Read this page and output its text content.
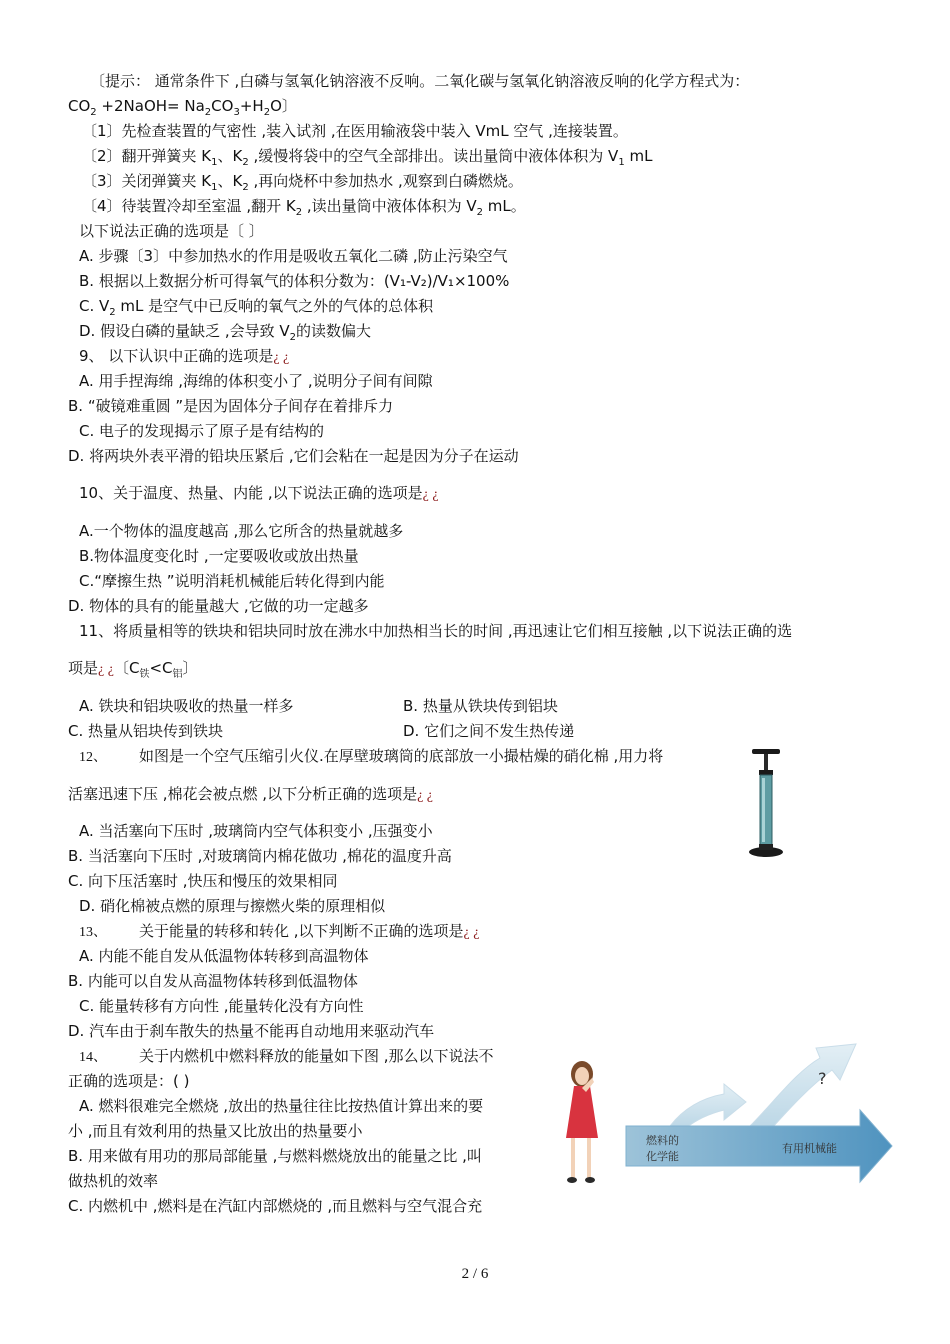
〔提示： 通常条件下 ,白磷与氢氧化钠溶液不反响。二氧化碳与氢氧化钠溶液反响的化学方程式为：
$CO_2$ +2NaOH= $Na_2CO_3+H_2O$〕
〔1〕先检查装置的气密性 ,装入试剂 ,在医用输液袋中装入 VmL 空气 ,连接装置。
〔2〕翻开弹簧夹 $K_1$、$K_2$ ,缓慢将袋中的空气全部排出。读出量筒中液体体积为 $V_1$ mL
〔3〕关闭弹簧夹 $K_1$、$K_2$ ,再向烧杯中参加热水 ,观察到白磷燃烧。
〔4〕待装置冷却至室温 ,翻开 $K_2$ ,读出量筒中液体体积为 $V_2$ mL。
以下说法正确的选项是〔 〕
A. 步骤〔3〕中参加热水的作用是吸收五氧化二磷 ,防止污染空气
B. 根据以上数据分析可得氧气的体积分数为：(V₁-V₂)/V₁×100%
C. $V_2$ mL 是空气中已反响的氧气之外的气体的总体积
D. 假设白磷的量缺乏 ,会导致 $V_2$的读数偏大
9、 以下认识中正确的选项是¿ ¿
A. 用手捏海绵 ,海绵的体积变小了 ,说明分子间有间隙
B. “破镜难重圆 ”是因为固体分子间存在着排斥力
C. 电子的发现揭示了原子是有结构的
D. 将两块外表平滑的铅块压紧后 ,它们会粘在一起是因为分子在运动
10、关于温度、热量、内能 ,以下说法正确的选项是¿ ¿
A.一个物体的温度越高 ,那么它所含的热量就越多
B.物体温度变化时 ,一定要吸收或放出热量
C.“摩擦生热 ”说明消耗机械能后转化得到内能
D. 物体的具有的能量越大 ,它做的功一定越多
11、将质量相等的铁块和铝块同时放在沸水中加热相当长的时间 ,再迅速让它们相互接触 ,以下说法正确的选
项是¿ ¿〔$C_铁<C_铝$〕
A. 铁块和铝块吸收的热量一样多	B. 热量从铁块传到铝块
C. 热量从铝块传到铁块	D. 它们之间不发生热传递
12、 如图是一个空气压缩引火仪.在厚壁玻璃筒的底部放一小撮枯燥的硝化棉 ,用力将
活塞迅速下压 ,棉花会被点燃 ,以下分析正确的选项是¿ ¿
A. 当活塞向下压时 ,玻璃筒内空气体积变小 ,压强变小
B. 当活塞向下压时 ,对玻璃筒内棉花做功 ,棉花的温度升高
C. 向下压活塞时 ,快压和慢压的效果相同
D. 硝化棉被点燃的原理与擦燃火柴的原理相似
13、 关于能量的转移和转化 ,以下判断不正确的选项是¿ ¿
A. 内能不能自发从低温物体转移到高温物体
B. 内能可以自发从高温物体转移到低温物体
C. 能量转移有方向性 ,能量转化没有方向性
D. 汽车由于刹车散失的热量不能再自动地用来驱动汽车
14、 关于内燃机中燃料释放的能量如下图 ,那么以下说法不
正确的选项是：( )
A. 燃料很难完全燃烧 ,放出的热量往往比按热值计算出来的要
小 ,而且有效利用的热量又比放出的热量要小
B. 用来做有用功的那局部能量 ,与燃料燃烧放出的能量之比 ,叫
做热机的效率
C. 内燃机中 ,燃料是在汽缸内部燃烧的 ,而且燃料与空气混合充
燃料的
化学能
有用机械能
?
2 / 6
